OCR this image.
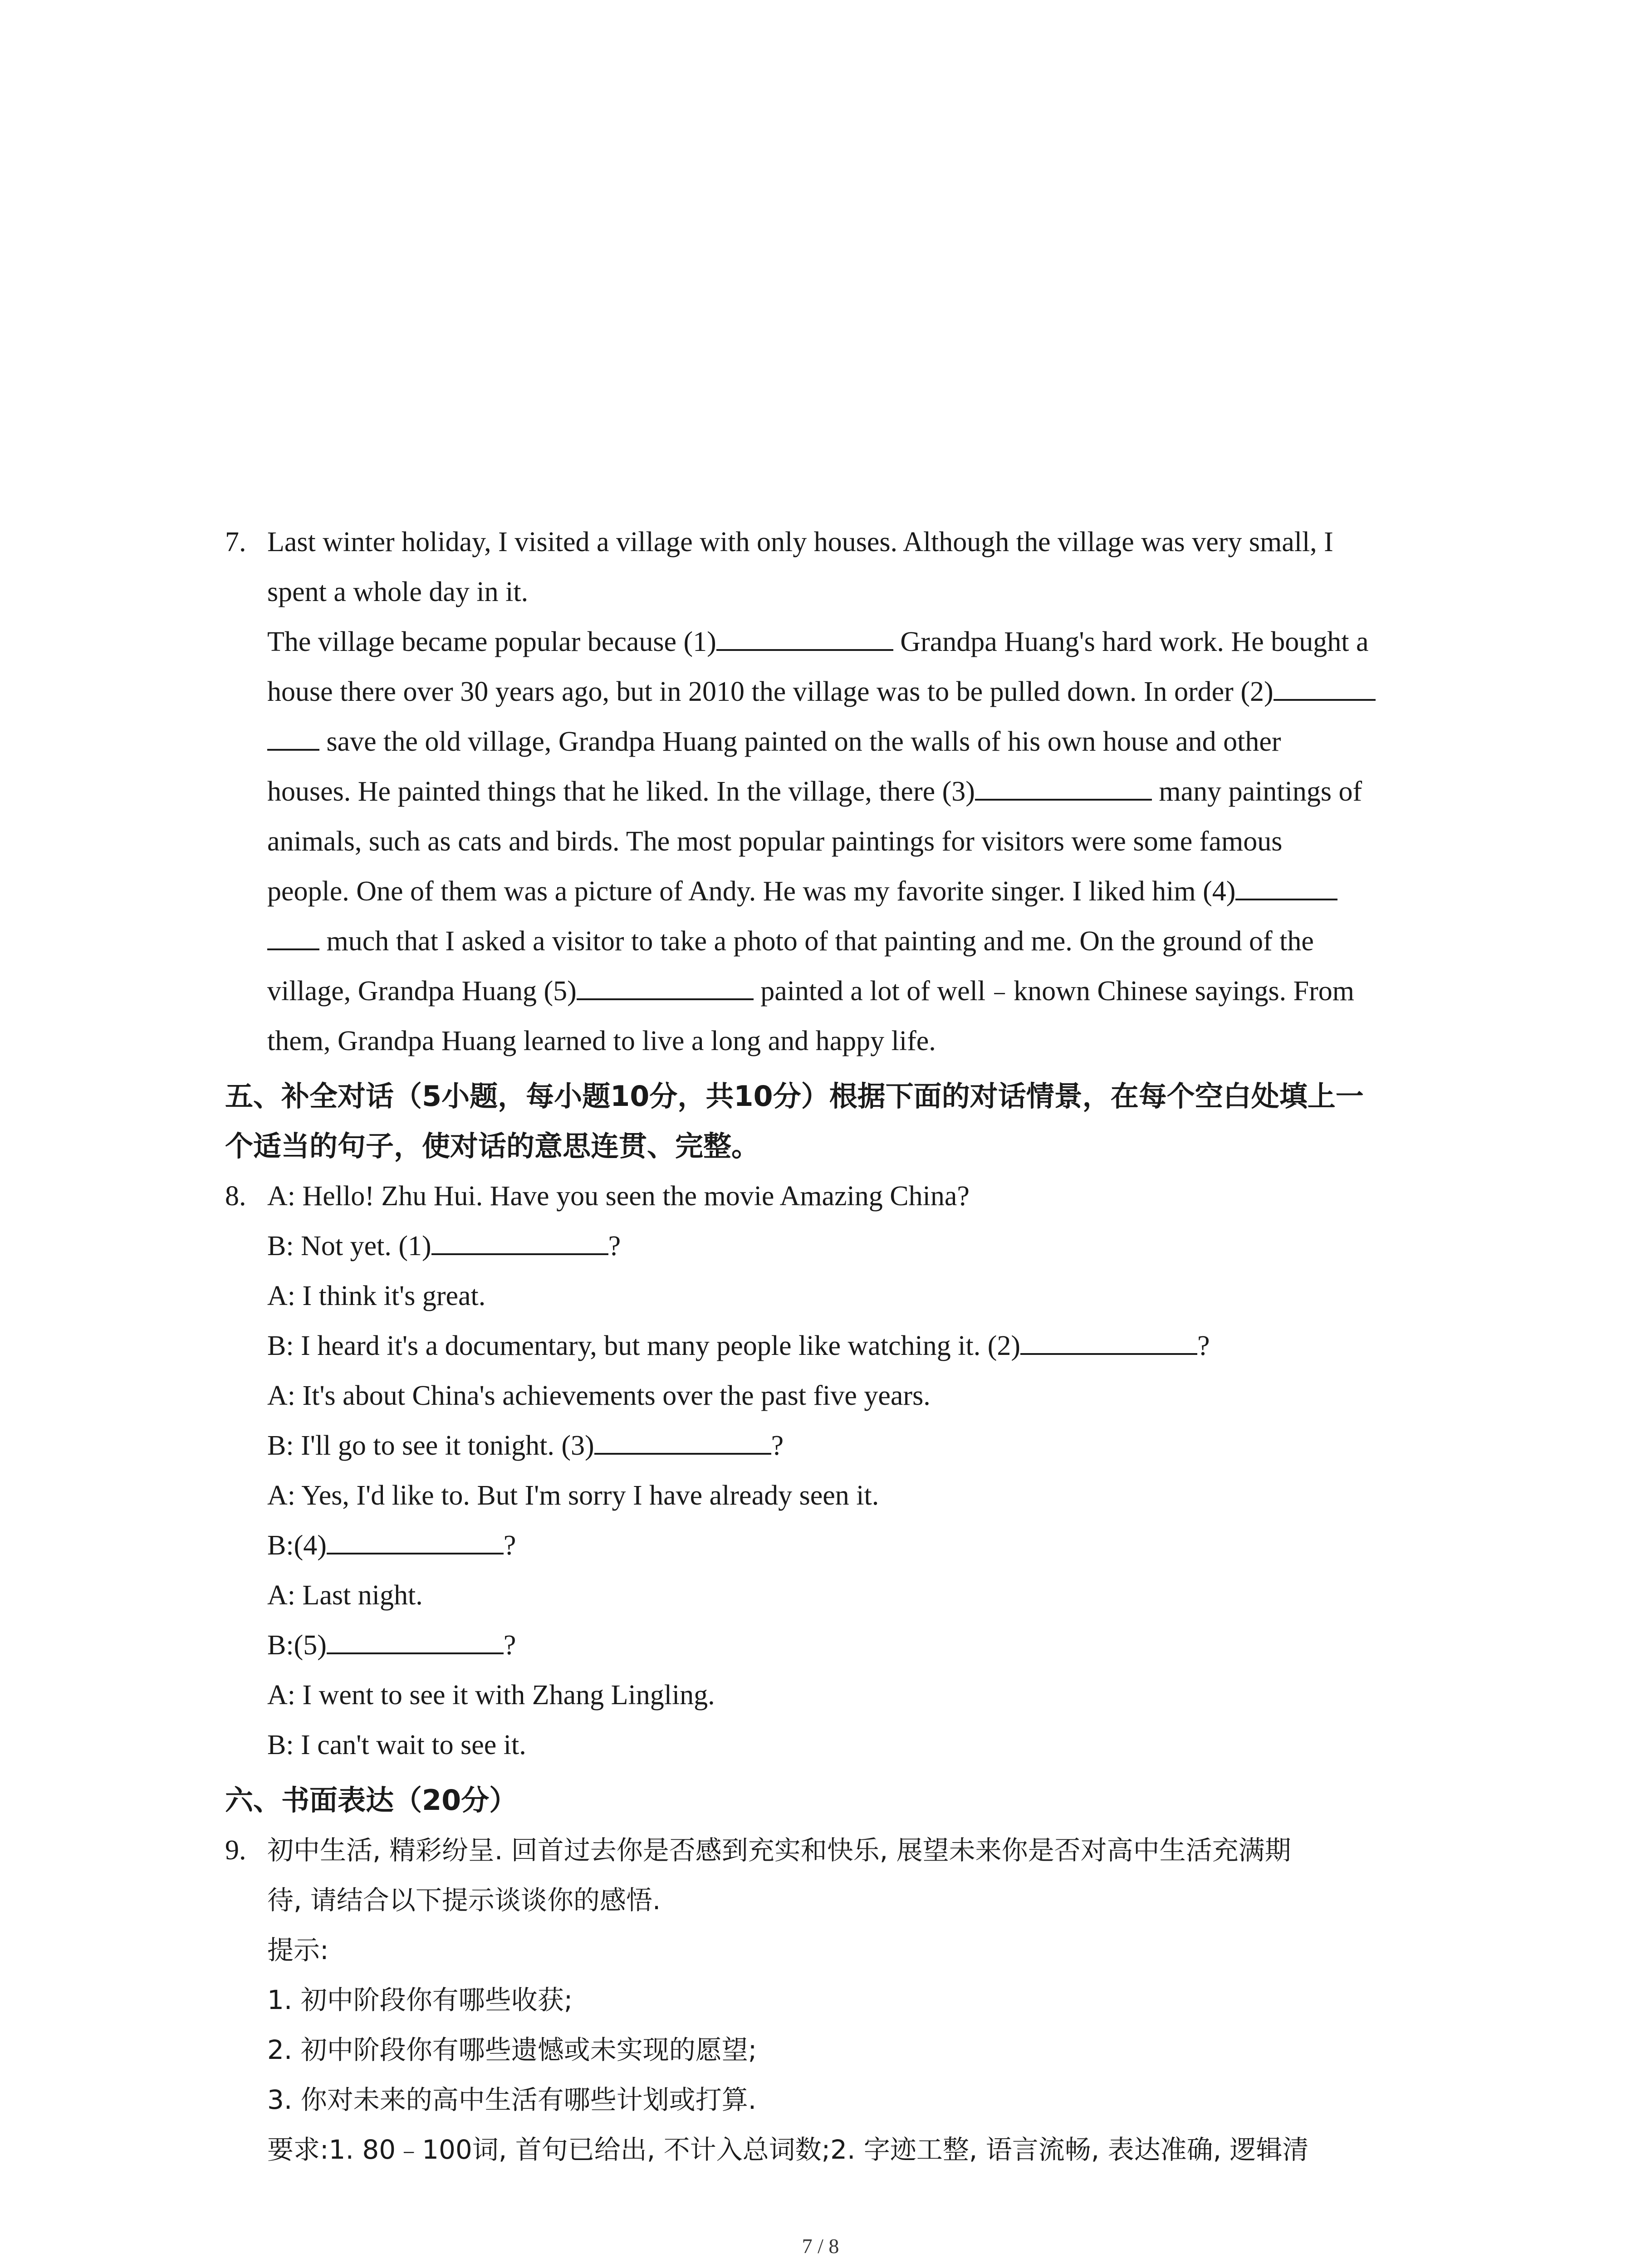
7. Last winter holiday, I visited a village with only houses. Although the village was very small, I
spent a whole day in it.
The village became popular because (1)	Grandpa Huang's hard work. He bought a
house there over 30 years ago, but in 2010 the village was to be pulled down. In order (2)
save the old village, Grandpa Huang painted on the walls of his own house and other
houses. He painted things that he liked. In the village, there (3)	many paintings of
animals, such as cats and birds. The most popular paintings for visitors were some famous
people. One of them was a picture of Andy. He was my favorite singer. I liked him (4)
much that I asked a visitor to take a photo of that painting and me. On the ground of the
village, Grandpa Huang (5)	painted a lot of well﹣known Chinese sayings. From
them, Grandpa Huang learned to live a long and happy life.
五、补全对话（5小题，每小题10分，共10分）根据下面的对话情景，在每个空白处填上一
个适当的句子，使对话的意思连贯、完整。
8. A: Hello! Zhu Hui. Have you seen the movie Amazing China?
B: Not yet. (1)	?
A: I think it's great.
B: I heard it's a documentary, but many people like watching it. (2)	?
A: It's about China's achievements over the past five years.
B: I'll go to see it tonight. (3)	?
A: Yes, I'd like to. But I'm sorry I have already seen it.
B:(4)	?
A: Last night.
B:(5)	?
A: I went to see it with Zhang Lingling.
B: I can't wait to see it.
六、书面表达（20分）
9. 初中生活, 精彩纷呈. 回首过去你是否感到充实和快乐, 展望未来你是否对高中生活充满期
待, 请结合以下提示谈谈你的感悟.
提示:
1. 初中阶段你有哪些收获;
2. 初中阶段你有哪些遗憾或未实现的愿望;
3. 你对未来的高中生活有哪些计划或打算.
要求:1. 80﹣100词, 首句已给出, 不计入总词数;2. 字迹工整, 语言流畅, 表达准确, 逻辑清
7 / 8
